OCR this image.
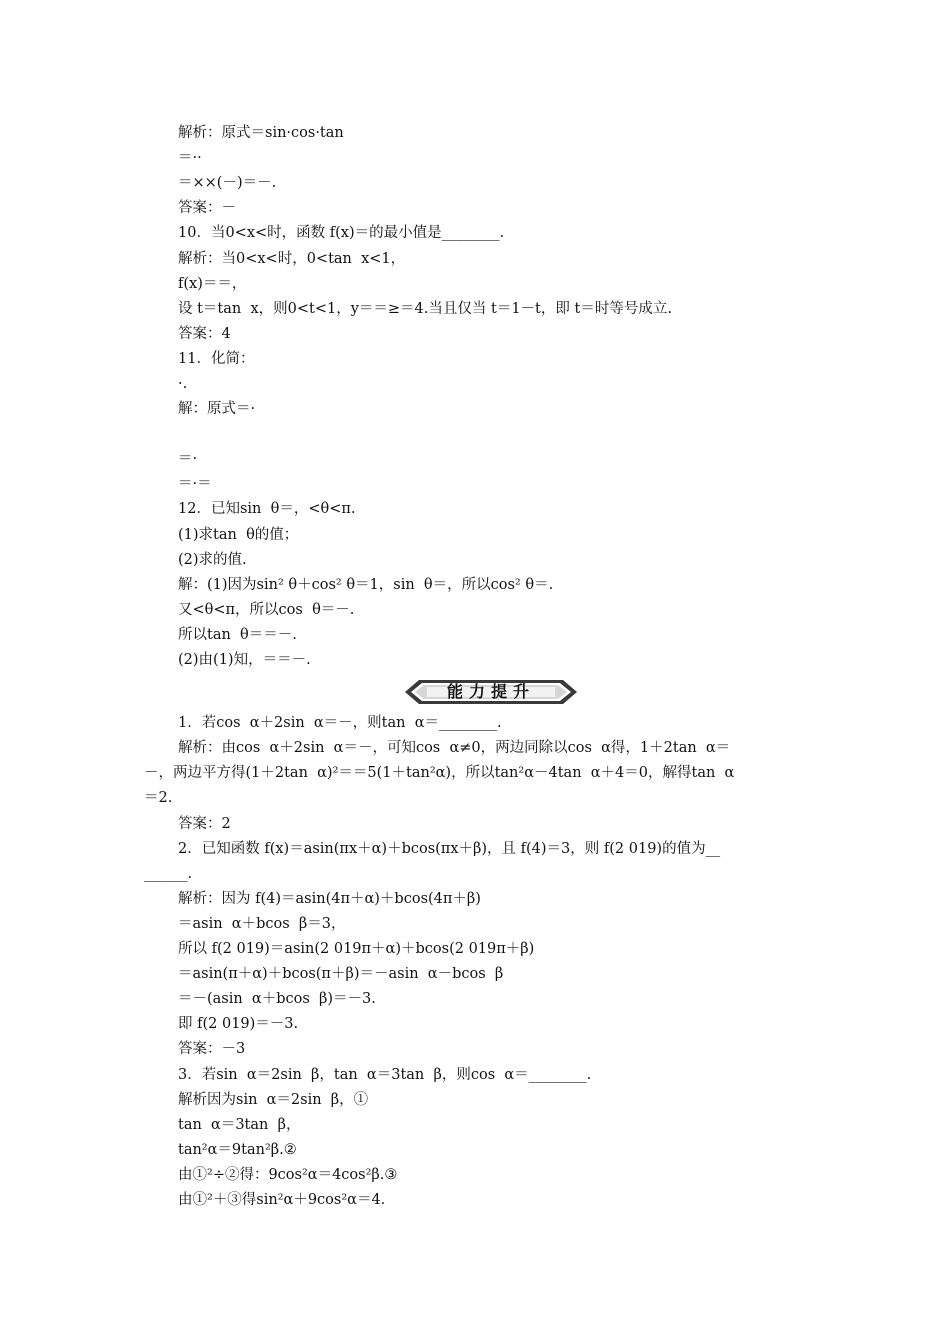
解析：原式＝sin·cos·tan
＝··
＝××(－)＝－.
答案：－
10．当0<x<时，函数 f(x)＝的最小值是________.
解析：当0<x<时，0<tan  x<1，
f(x)＝＝，
设 t＝tan  x，则0<t<1，y＝＝≥＝4.当且仅当 t＝1－t，即 t＝时等号成立.
答案：4
11．化简：
·.
解：原式＝·
＝·
＝·＝
12．已知sin  θ＝，<θ<π.
(1)求tan  θ的值；
(2)求的值.
解：(1)因为sin² θ＋cos² θ＝1，sin  θ＝，所以cos² θ＝.
又<θ<π，所以cos  θ＝－.
所以tan  θ＝＝－.
(2)由(1)知，＝＝－.
能力提升
1．若cos  α＋2sin  α＝－，则tan  α＝________.
解析：由cos  α＋2sin  α＝－，可知cos  α≠0，两边同除以cos  α得，1＋2tan  α＝
－，两边平方得(1＋2tan  α)²＝＝5(1＋tan²α)，所以tan²α－4tan  α＋4＝0，解得tan  α
＝2.
答案：2
2．已知函数 f(x)＝asin(πx＋α)＋bcos(πx＋β)，且 f(4)＝3，则 f(2 019)的值为__
______.
解析：因为 f(4)＝asin(4π＋α)＋bcos(4π＋β)
＝asin  α＋bcos  β＝3，
所以 f(2 019)＝asin(2 019π＋α)＋bcos(2 019π＋β)
＝asin(π＋α)＋bcos(π＋β)＝－asin  α－bcos  β
＝－(asin  α＋bcos  β)＝－3.
即 f(2 019)＝－3.
答案：－3
3．若sin  α＝2sin  β，tan  α＝3tan  β，则cos  α＝________.
解析因为sin  α＝2sin  β，①
tan  α＝3tan  β，
tan²α＝9tan²β.②
由①²÷②得：9cos²α＝4cos²β.③
由①²＋③得sin²α＋9cos²α＝4.
